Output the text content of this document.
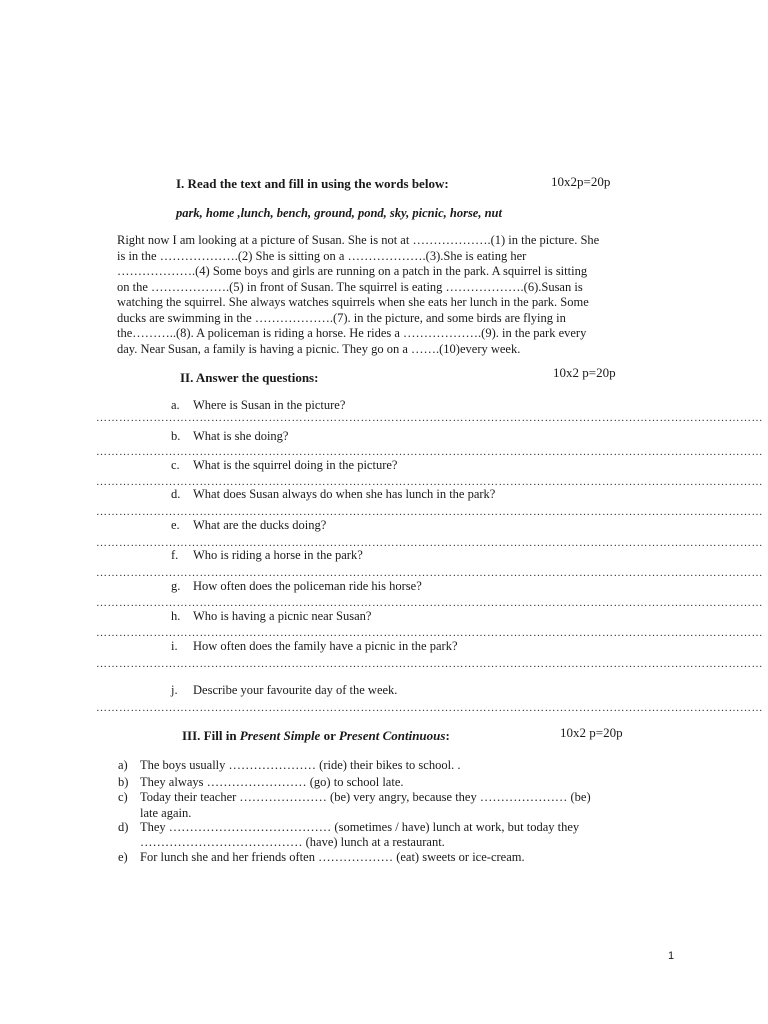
I. Read the text and fill in using the words below:	10x2p=20p
park, home ,lunch, bench, ground, pond, sky, picnic, horse, nut
Right now I am looking at a picture of Susan. She is not at ……………….(1) in the picture. She
is in the ……………….(2) She is sitting on a ……………….(3).She is eating her
……………….(4) Some boys and girls are running on a patch in the park. A squirrel is sitting
on the ……………….(5) in front of Susan. The squirrel is eating ……………….(6).Susan is
watching the squirrel. She always watches squirrels when she eats her lunch in the park. Some
ducks are swimming in the ……………….(7). in the picture, and some birds are flying in
the………..(8). A policeman is riding a horse. He rides a ……………….(9). in the park every
day. Near Susan, a family is having a picnic. They go on a …….(10)every week.
II. Answer the questions:	10x2 p=20p
a. Where is Susan in the picture?
…………………………………………………………………………………………………………………………………………………………
b. What is she doing?
…………………………………………………………………………………………………………………………………………………………
c. What is the squirrel doing in the picture?
…………………………………………………………………………………………………………………………………………………………
d. What does Susan always do when she has lunch in the park?
…………………………………………………………………………………………………………………………………………………………
e. What are the ducks doing?
…………………………………………………………………………………………………………………………………………………………
f. Who is riding a horse in the park?
…………………………………………………………………………………………………………………………………………………………
g. How often does the policeman ride his horse?
…………………………………………………………………………………………………………………………………………………………
h. Who is having a picnic near Susan?
…………………………………………………………………………………………………………………………………………………………
i. How often does the family have a picnic in the park?
…………………………………………………………………………………………………………………………………………………………
j. Describe your favourite day of the week.
…………………………………………………………………………………………………………………………………………………………
III. Fill in Present Simple or Present Continuous:	10x2 p=20p
a) The boys usually ………………… (ride) their bikes to school. .
b) They always …………………… (go) to school late.
c) Today their teacher ………………… (be) very angry, because they ………………… (be)
late again.
d) They ………………………………… (sometimes / have) lunch at work, but today they
………………………………… (have) lunch at a restaurant.
e) For lunch she and her friends often ……………… (eat) sweets or ice-cream.
1
